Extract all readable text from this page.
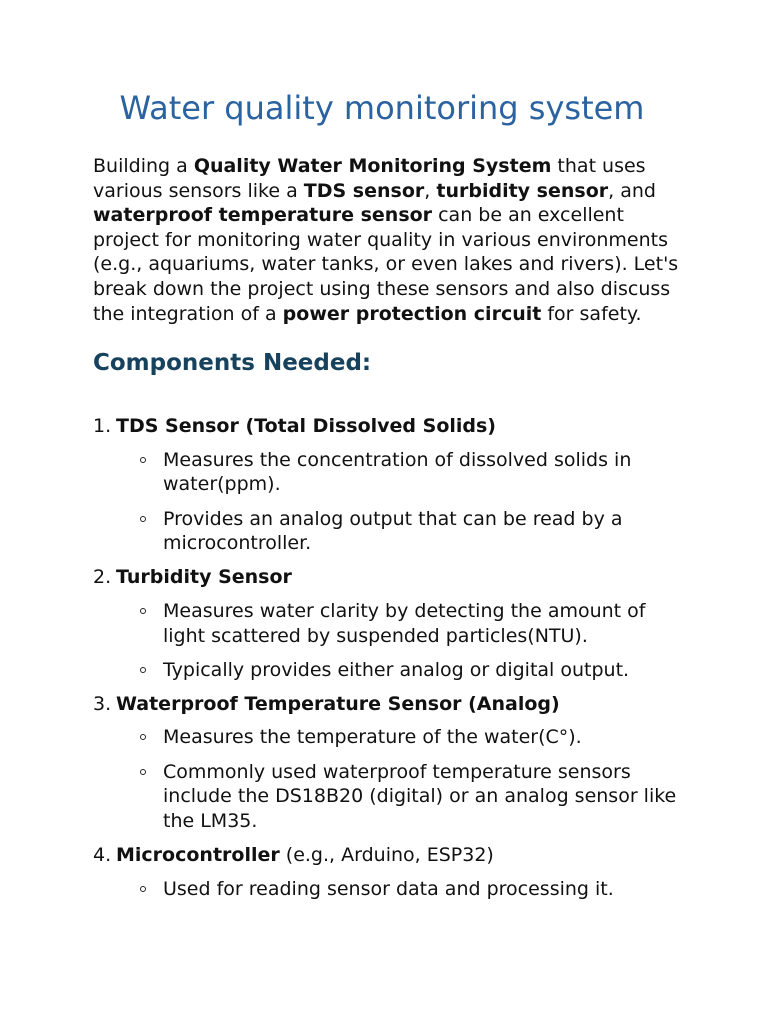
Water quality monitoring system

Building a Quality Water Monitoring System that uses various sensors like a TDS sensor, turbidity sensor, and waterproof temperature sensor can be an excellent project for monitoring water quality in various environments (e.g., aquariums, water tanks, or even lakes and rivers). Let's break down the project using these sensors and also discuss the integration of a power protection circuit for safety.

Components Needed:
1. TDS Sensor (Total Dissolved Solids)
Measures the concentration of dissolved solids in water(ppm).
Provides an analog output that can be read by a microcontroller.
2. Turbidity Sensor
Measures water clarity by detecting the amount of light scattered by suspended particles(NTU).
Typically provides either analog or digital output.
3. Waterproof Temperature Sensor (Analog)
Measures the temperature of the water(C°).
Commonly used waterproof temperature sensors include the DS18B20 (digital) or an analog sensor like the LM35.
4. Microcontroller (e.g., Arduino, ESP32)
Used for reading sensor data and processing it.
